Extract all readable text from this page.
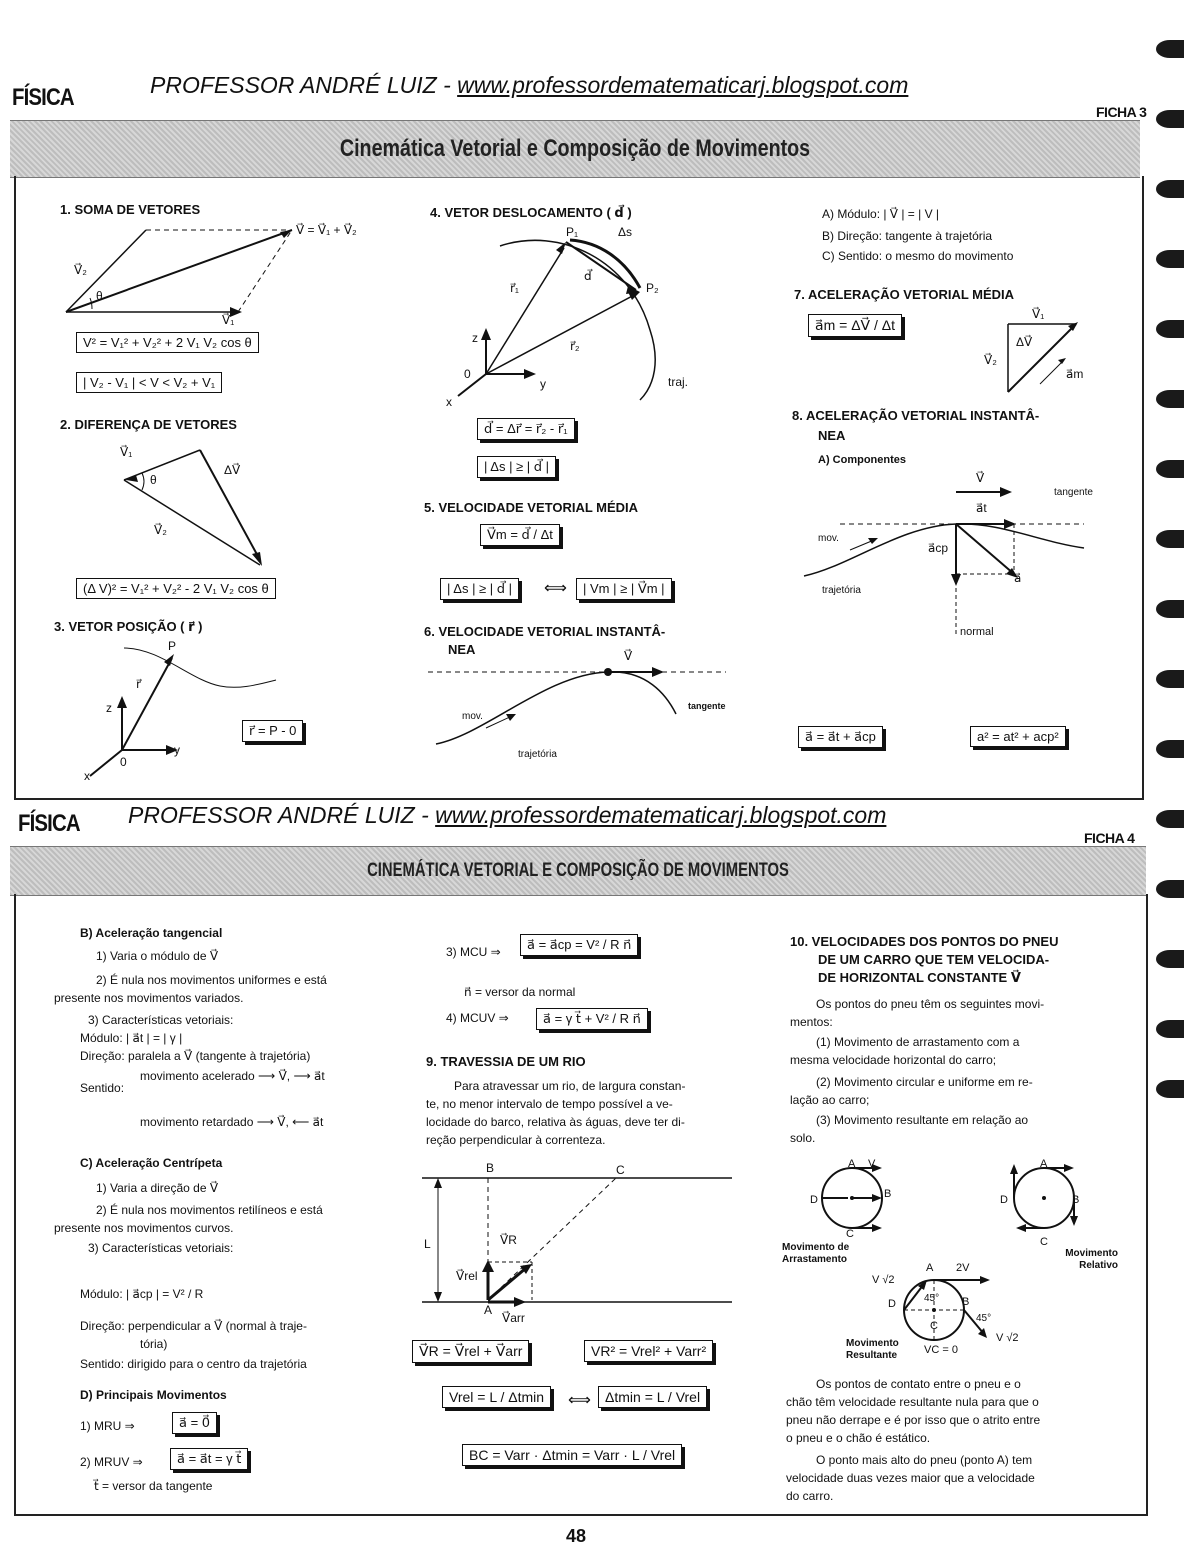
FÍSICA	PROFESSOR ANDRÉ LUIZ - www.professordematematicarj.blogspot.com
FICHA 3
Cinemática Vetorial e Composição de Movimentos
1. SOMA DE VETORES
V⃗ = V⃗₁ + V⃗₂
V⃗₂
θ
V⃗₁
V² = V₁² + V₂² + 2 V₁ V₂ cos θ
| V₂ - V₁ | < V < V₂ + V₁
2. DIFERENÇA DE VETORES
V⃗₁
θ
ΔV⃗
V⃗₂
(Δ V)² = V₁² + V₂² - 2 V₁ V₂ cos θ
3. VETOR POSIÇÃO ( r⃗ )
P
r⃗
z
y
x
0
r⃗ = P - 0
4. VETOR DESLOCAMENTO ( d⃗ )
P₁	Δs
r⃗₁
d⃗
P₂
r⃗₂
z
0
y
x
traj.
d⃗ = Δr⃗ = r⃗₂ - r⃗₁
| Δs | ≥ | d⃗ |
5. VELOCIDADE VETORIAL MÉDIA
V⃗m = d⃗ / Δt
| Δs | ≥ | d⃗ |	⟺	| Vm | ≥ | V⃗m |
6. VELOCIDADE VETORIAL INSTANTÂ-
NEA	V⃗
mov.
tangente
trajetória
A) Módulo: | V⃗ | = | V |
B) Direção: tangente à trajetória
C) Sentido: o mesmo do movimento
7. ACELERAÇÃO VETORIAL MÉDIA
a⃗m = ΔV⃗ / Δt
V⃗₁
ΔV⃗
V⃗₂
a⃗m
8. ACELERAÇÃO VETORIAL INSTANTÂ-
NEA
A) Componentes
V⃗
a⃗t
tangente
mov.
a⃗cp
a⃗
trajetória
normal
a⃗ = a⃗t + a⃗cp	a² = at² + acp²
FÍSICA PROFESSOR ANDRÉ LUIZ - www.professordematematicarj.blogspot.com
FICHA 4
CINEMÁTICA VETORIAL E COMPOSIÇÃO DE MOVIMENTOS

B) Aceleração tangencial

1) Varia o módulo de V⃗
2) É nula nos movimentos uniformes e está
presente nos movimentos variados.
3) Características vetoriais:
Módulo: | a⃗t | = | γ |
Direção: paralela a V⃗ (tangente à trajetória)
movimento acelerado ⟶ V⃗, ⟶ a⃗t
Sentido:
movimento retardado ⟶ V⃗, ⟵ a⃗t
C) Aceleração Centrípeta
1) Varia a direção de V⃗
2) É nula nos movimentos retilíneos e está
presente nos movimentos curvos.
3) Características vetoriais:
Módulo: | a⃗cp | = V² / R
Direção: perpendicular a V⃗ (normal à traje-
tória)
Sentido: dirigido para o centro da trajetória
D) Principais Movimentos
1) MRU ⇒	a⃗ = 0⃗
2) MRUV ⇒	a⃗ = a⃗t = γ t⃗
t⃗ = versor da tangente
3) MCU ⇒	a⃗ = a⃗cp = V² / R n⃗
n⃗ = versor da normal
4) MCUV ⇒	a⃗ = γ t⃗ + V² / R n⃗
9. TRAVESSIA DE UM RIO
Para atravessar um rio, de largura constan-
te, no menor intervalo de tempo possível a ve-
locidade do barco, relativa às águas, deve ter di-
reção perpendicular à correnteza.
B	C
L	V⃗R
V⃗rel
A
V⃗arr
V⃗R = V⃗rel + V⃗arr	VR² = Vrel² + Varr²
Vrel = L / Δtmin	⟺	Δtmin = L / Vrel
BC = Varr · Δtmin = Varr · L / Vrel
10. VELOCIDADES DOS PONTOS DO PNEU
DE UM CARRO QUE TEM VELOCIDA-
DE HORIZONTAL CONSTANTE V⃗
Os pontos do pneu têm os seguintes movi-
mentos:
(1) Movimento de arrastamento com a
mesma velocidade horizontal do carro;
(2) Movimento circular e uniforme em re-
lação ao carro;
(3) Movimento resultante em relação ao
solo.
A V
D	B
C
Movimento de Arrastamento
A
D	B
C
Movimento Relativo
A 2V
V √2
D	45° B
45°
C
V √2
Movimento Resultante	VC = 0
Os pontos de contato entre o pneu e o
chão têm velocidade resultante nula para que o
pneu não derrape e é por isso que o atrito entre
o pneu e o chão é estático.
O ponto mais alto do pneu (ponto A) tem
velocidade duas vezes maior que a velocidade
do carro.
48
